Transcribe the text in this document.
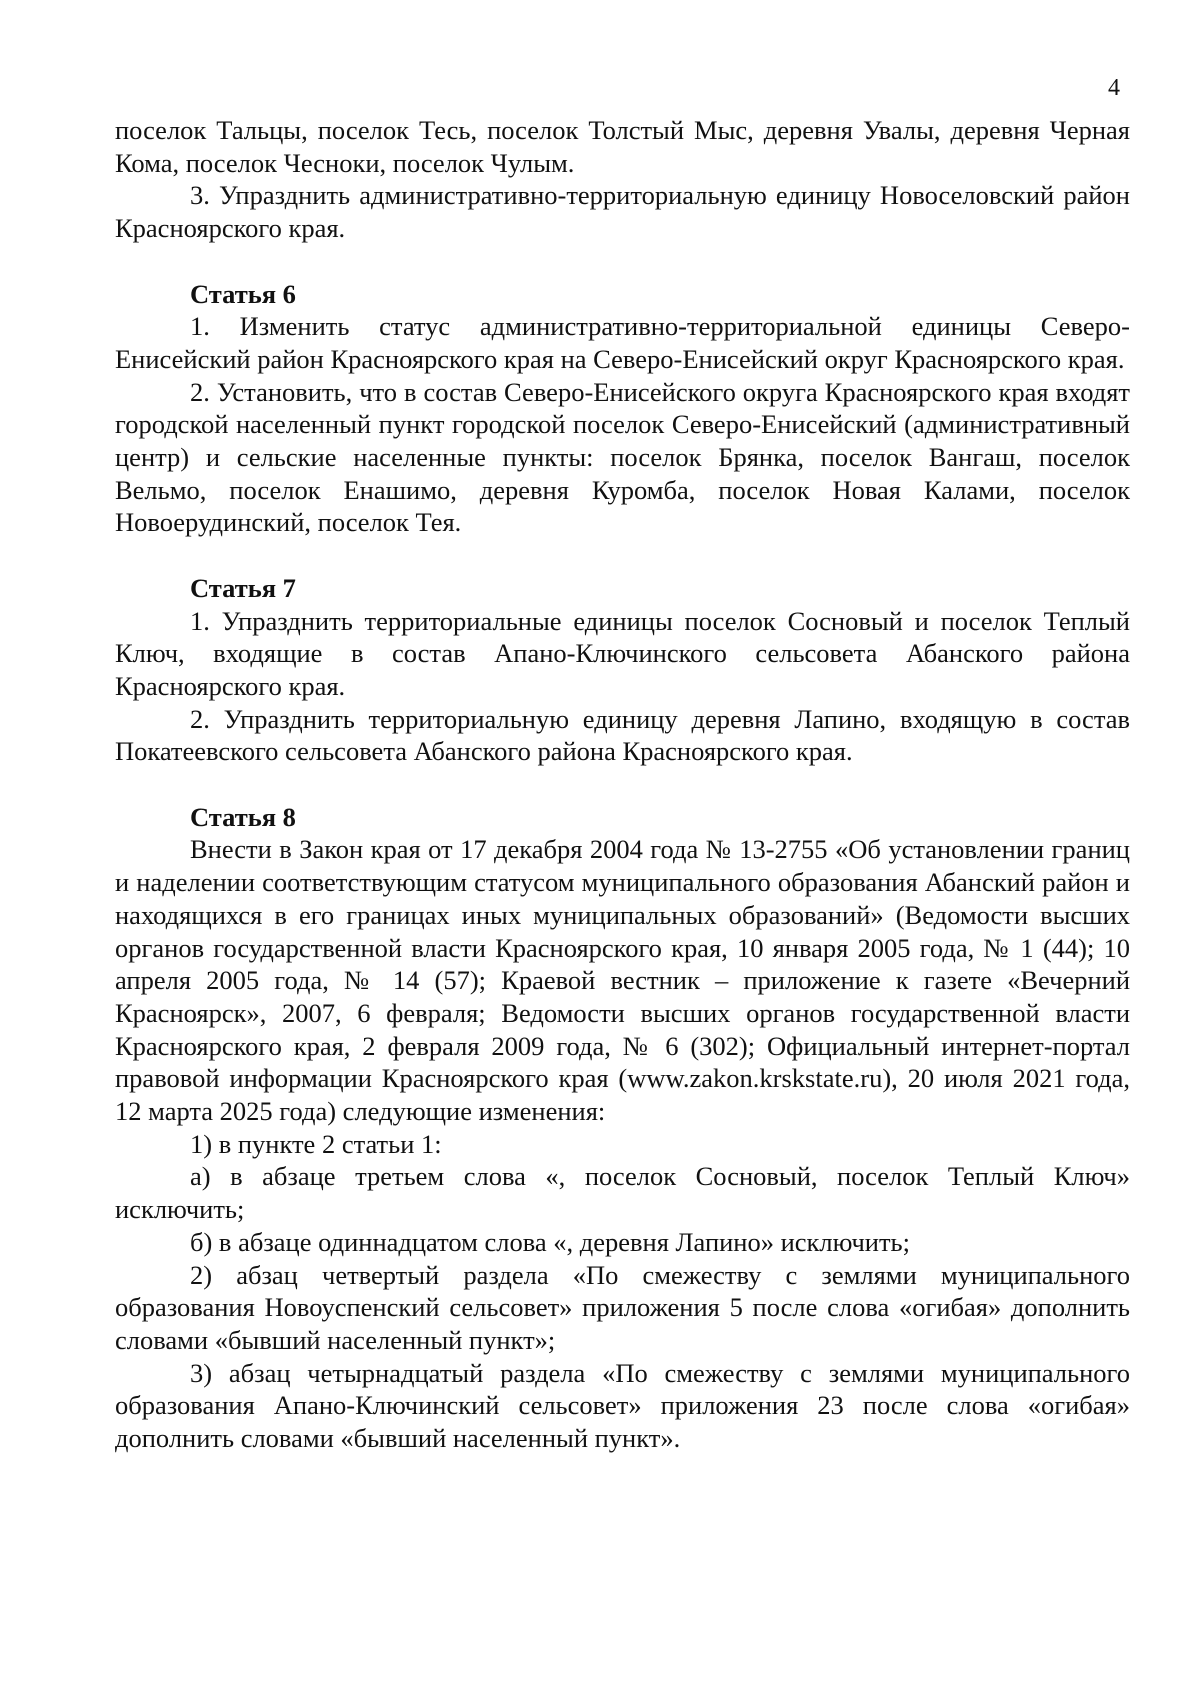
4

поселок Тальцы, поселок Тесь, поселок Толстый Мыс, деревня Увалы, деревня Черная Кома, поселок Чесноки, поселок Чулым.

3. Упразднить административно-территориальную единицу Новоселовский район Красноярского края.

Статья 6

1. Изменить статус административно-территориальной единицы Северо-Енисейский район Красноярского края на Северо-Енисейский округ Красноярского края.

2. Установить, что в состав Северо-Енисейского округа Красноярского края входят городской населенный пункт городской поселок Северо-Енисейский (административный центр) и сельские населенные пункты: поселок Брянка, поселок Вангаш, поселок Вельмо, поселок Енашимо, деревня Куромба, поселок Новая Калами, поселок Новоерудинский, поселок Тея.

Статья 7

1. Упразднить территориальные единицы поселок Сосновый и поселок Теплый Ключ, входящие в состав Апано-Ключинского сельсовета Абанского района Красноярского края.

2. Упразднить территориальную единицу деревня Лапино, входящую в состав Покатеевского сельсовета Абанского района Красноярского края.

Статья 8

Внести в Закон края от 17 декабря 2004 года № 13-2755 «Об установлении границ и наделении соответствующим статусом муниципального образования Абанский район и находящихся в его границах иных муниципальных образований» (Ведомости высших органов государственной власти Красноярского края, 10 января 2005 года, № 1 (44); 10 апреля 2005 года, № 14 (57); Краевой вестник – приложение к газете «Вечерний Красноярск», 2007, 6 февраля; Ведомости высших органов государственной власти Красноярского края, 2 февраля 2009 года, № 6 (302); Официальный интернет-портал правовой информации Красноярского края (www.zakon.krskstate.ru), 20 июля 2021 года, 12 марта 2025 года) следующие изменения:

1) в пункте 2 статьи 1:

а) в абзаце третьем слова «, поселок Сосновый, поселок Теплый Ключ» исключить;

б) в абзаце одиннадцатом слова «, деревня Лапино» исключить;

2) абзац четвертый раздела «По смежеству с землями муниципального образования Новоуспенский сельсовет» приложения 5 после слова «огибая» дополнить словами «бывший населенный пункт»;

3) абзац четырнадцатый раздела «По смежеству с землями муниципального образования Апано-Ключинский сельсовет» приложения 23 после слова «огибая» дополнить словами «бывший населенный пункт».
